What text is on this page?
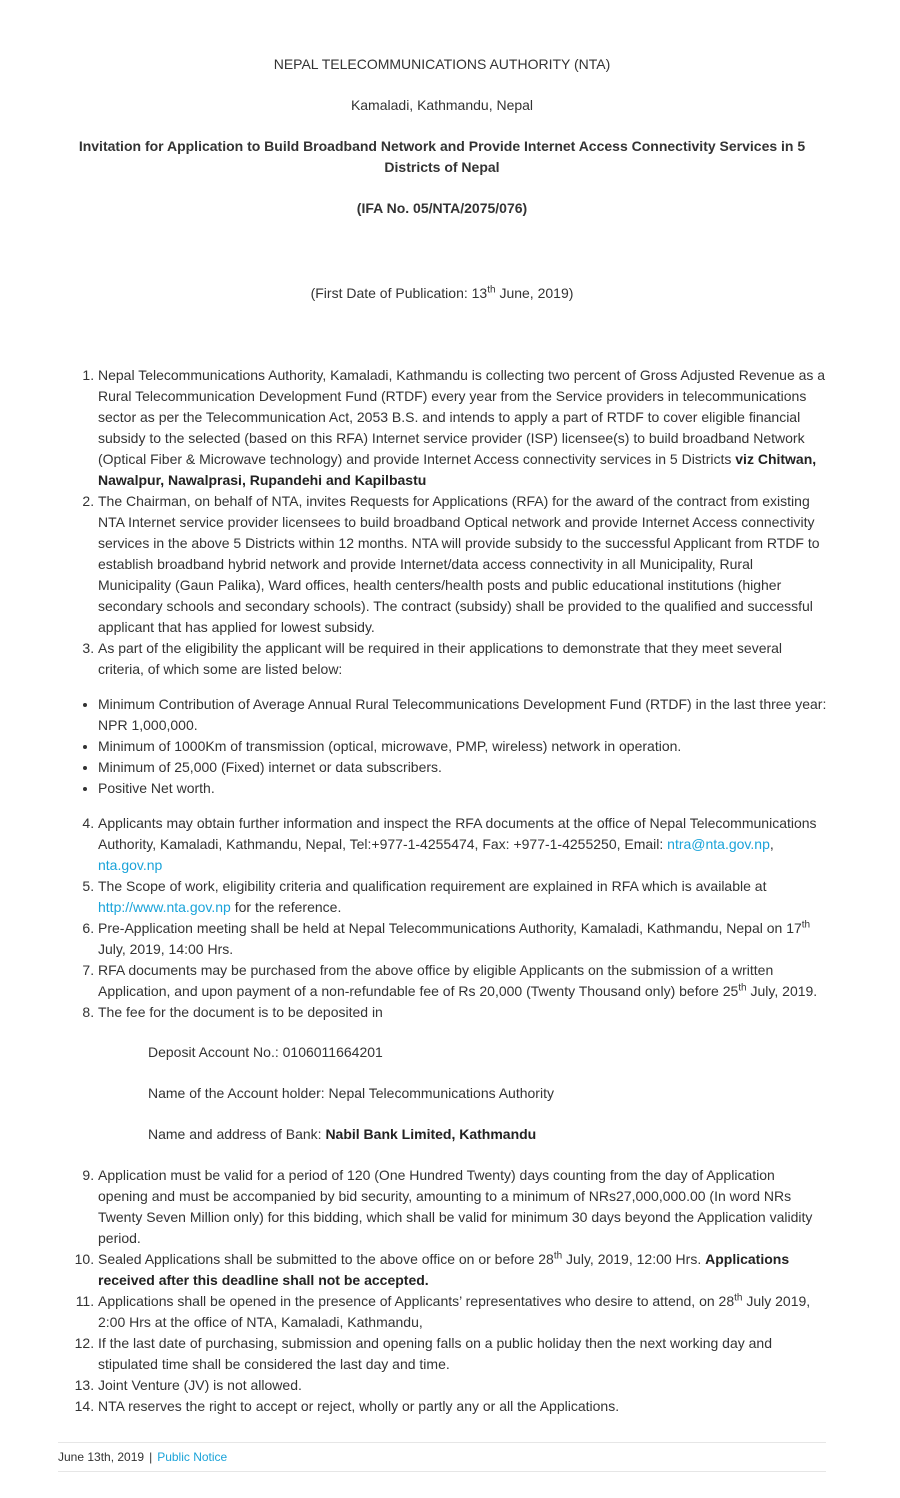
NEPAL TELECOMMUNICATIONS AUTHORITY (NTA)
Kamaladi, Kathmandu, Nepal
Invitation for Application to Build Broadband Network and Provide Internet Access Connectivity Services in 5 Districts of Nepal
(IFA No. 05/NTA/2075/076)
(First Date of Publication: 13th June, 2019)
1. Nepal Telecommunications Authority, Kamaladi, Kathmandu is collecting two percent of Gross Adjusted Revenue as a Rural Telecommunication Development Fund (RTDF) every year from the Service providers in telecommunications sector as per the Telecommunication Act, 2053 B.S. and intends to apply a part of RTDF to cover eligible financial subsidy to the selected (based on this RFA) Internet service provider (ISP) licensee(s) to build broadband Network (Optical Fiber & Microwave technology) and provide Internet Access connectivity services in 5 Districts viz Chitwan, Nawalpur, Nawalprasi, Rupandehi and Kapilbastu
2. The Chairman, on behalf of NTA, invites Requests for Applications (RFA) for the award of the contract from existing NTA Internet service provider licensees to build broadband Optical network and provide Internet Access connectivity services in the above 5 Districts within 12 months. NTA will provide subsidy to the successful Applicant from RTDF to establish broadband hybrid network and provide Internet/data access connectivity in all Municipality, Rural Municipality (Gaun Palika), Ward offices, health centers/health posts and public educational institutions (higher secondary schools and secondary schools). The contract (subsidy) shall be provided to the qualified and successful applicant that has applied for lowest subsidy.
3. As part of the eligibility the applicant will be required in their applications to demonstrate that they meet several criteria, of which some are listed below:
• Minimum Contribution of Average Annual Rural Telecommunications Development Fund (RTDF) in the last three year: NPR 1,000,000.
• Minimum of 1000Km of transmission (optical, microwave, PMP, wireless) network in operation.
• Minimum of 25,000 (Fixed) internet or data subscribers.
• Positive Net worth.
4. Applicants may obtain further information and inspect the RFA documents at the office of Nepal Telecommunications Authority, Kamaladi, Kathmandu, Nepal, Tel:+977-1-4255474, Fax: +977-1-4255250, Email: ntra@nta.gov.np, nta.gov.np
5. The Scope of work, eligibility criteria and qualification requirement are explained in RFA which is available at http://www.nta.gov.np for the reference.
6. Pre-Application meeting shall be held at Nepal Telecommunications Authority, Kamaladi, Kathmandu, Nepal on 17th July, 2019, 14:00 Hrs.
7. RFA documents may be purchased from the above office by eligible Applicants on the submission of a written Application, and upon payment of a non-refundable fee of Rs 20,000 (Twenty Thousand only) before 25th July, 2019.
8. The fee for the document is to be deposited in
Deposit Account No.: 0106011664201
Name of the Account holder: Nepal Telecommunications Authority
Name and address of Bank: Nabil Bank Limited, Kathmandu
9. Application must be valid for a period of 120 (One Hundred Twenty) days counting from the day of Application opening and must be accompanied by bid security, amounting to a minimum of NRs27,000,000.00 (In word NRs Twenty Seven Million only) for this bidding, which shall be valid for minimum 30 days beyond the Application validity period.
10. Sealed Applications shall be submitted to the above office on or before 28th July, 2019, 12:00 Hrs. Applications received after this deadline shall not be accepted.
11. Applications shall be opened in the presence of Applicants’ representatives who desire to attend, on 28th July 2019, 2:00 Hrs at the office of NTA, Kamaladi, Kathmandu,
12. If the last date of purchasing, submission and opening falls on a public holiday then the next working day and stipulated time shall be considered the last day and time.
13. Joint Venture (JV) is not allowed.
14. NTA reserves the right to accept or reject, wholly or partly any or all the Applications.
June 13th, 2019 | Public Notice
